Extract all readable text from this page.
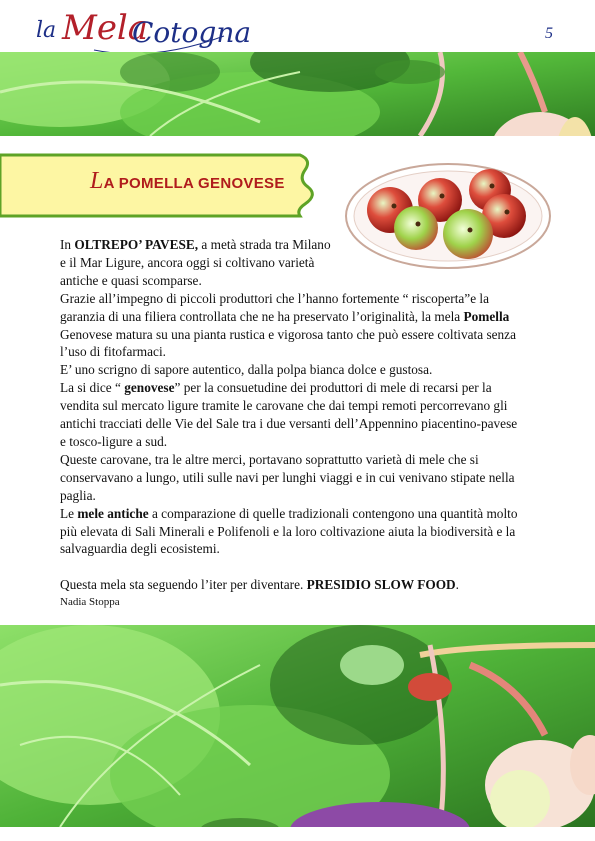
la Mela
Cotogna	5
LA POMELLA GENOVESE

In OLTREPO’ PAVESE, a metà strada tra Milano
e il Mar Ligure, ancora oggi si coltivano varietà
antiche e quasi scomparse.

Grazie all’impegno di piccoli produttori che l’hanno fortemente “ riscoperta”e la garanzia di una filiera controllata che ne ha preservato l’originalità, la mela Pomella Genovese matura su una pianta rustica e vigorosa tanto che può essere coltivata senza l’uso di fitofarmaci.

E’ uno scrigno di sapore autentico, dalla polpa bianca dolce e gustosa.

La si dice “ genovese” per la consuetudine dei produttori di mele di recarsi per la vendita sul mercato ligure tramite le carovane che dai tempi remoti percorrevano gli antichi tracciati delle Vie del Sale tra i due versanti dell’Appennino piacentino-pavese e tosco-ligure a sud.

Queste carovane, tra le altre merci, portavano soprattutto varietà di mele che si conservavano a lungo, utili sulle navi per lunghi viaggi e in cui venivano stipate nella paglia.

Le mele antiche a comparazione di quelle tradizionali contengono una quantità molto più elevata di Sali Minerali e Polifenoli e la loro coltivazione aiuta la biodiversità e la salvaguardia degli ecosistemi.

Questa mela sta seguendo l’iter per diventare. PRESIDIO SLOW FOOD.

Nadia Stoppa
